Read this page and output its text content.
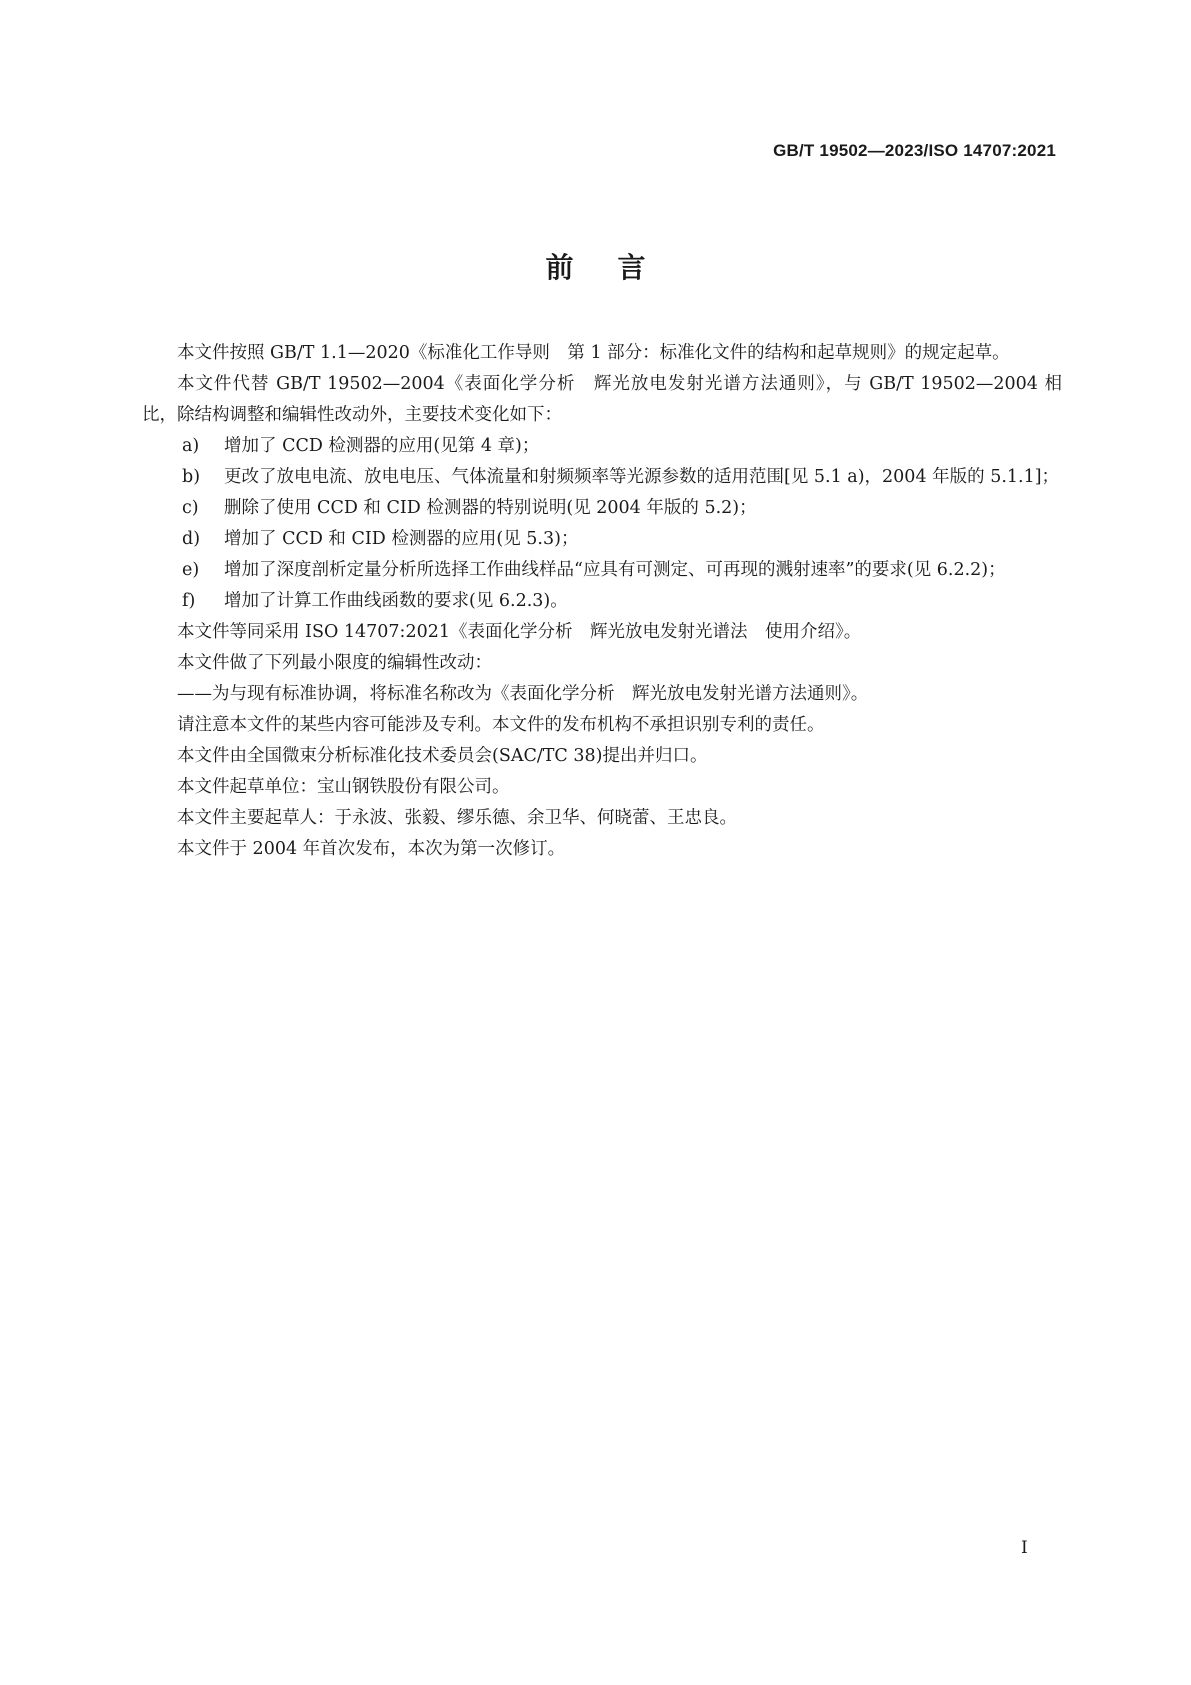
GB/T 19502—2023/ISO 14707:2021
前言

本文件按照 GB/T 1.1—2020《标准化工作导则　第 1 部分：标准化文件的结构和起草规则》的规定起草。

本文件代替 GB/T 19502—2004《表面化学分析　辉光放电发射光谱方法通则》，与 GB/T 19502—2004 相比，除结构调整和编辑性改动外，主要技术变化如下：

a) 增加了 CCD 检测器的应用(见第 4 章)；

b) 更改了放电电流、放电电压、气体流量和射频频率等光源参数的适用范围[见 5.1 a)，2004 年版的 5.1.1]；

c) 删除了使用 CCD 和 CID 检测器的特别说明(见 2004 年版的 5.2)；

d) 增加了 CCD 和 CID 检测器的应用(见 5.3)；

e) 增加了深度剖析定量分析所选择工作曲线样品“应具有可测定、可再现的溅射速率”的要求(见 6.2.2)；

f) 增加了计算工作曲线函数的要求(见 6.2.3)。

本文件等同采用 ISO 14707:2021《表面化学分析　辉光放电发射光谱法　使用介绍》。

本文件做了下列最小限度的编辑性改动：

——为与现有标准协调，将标准名称改为《表面化学分析　辉光放电发射光谱方法通则》。

请注意本文件的某些内容可能涉及专利。本文件的发布机构不承担识别专利的责任。

本文件由全国微束分析标准化技术委员会(SAC/TC 38)提出并归口。

本文件起草单位：宝山钢铁股份有限公司。

本文件主要起草人：于永波、张毅、缪乐德、余卫华、何晓蕾、王忠良。

本文件于 2004 年首次发布，本次为第一次修订。

I
